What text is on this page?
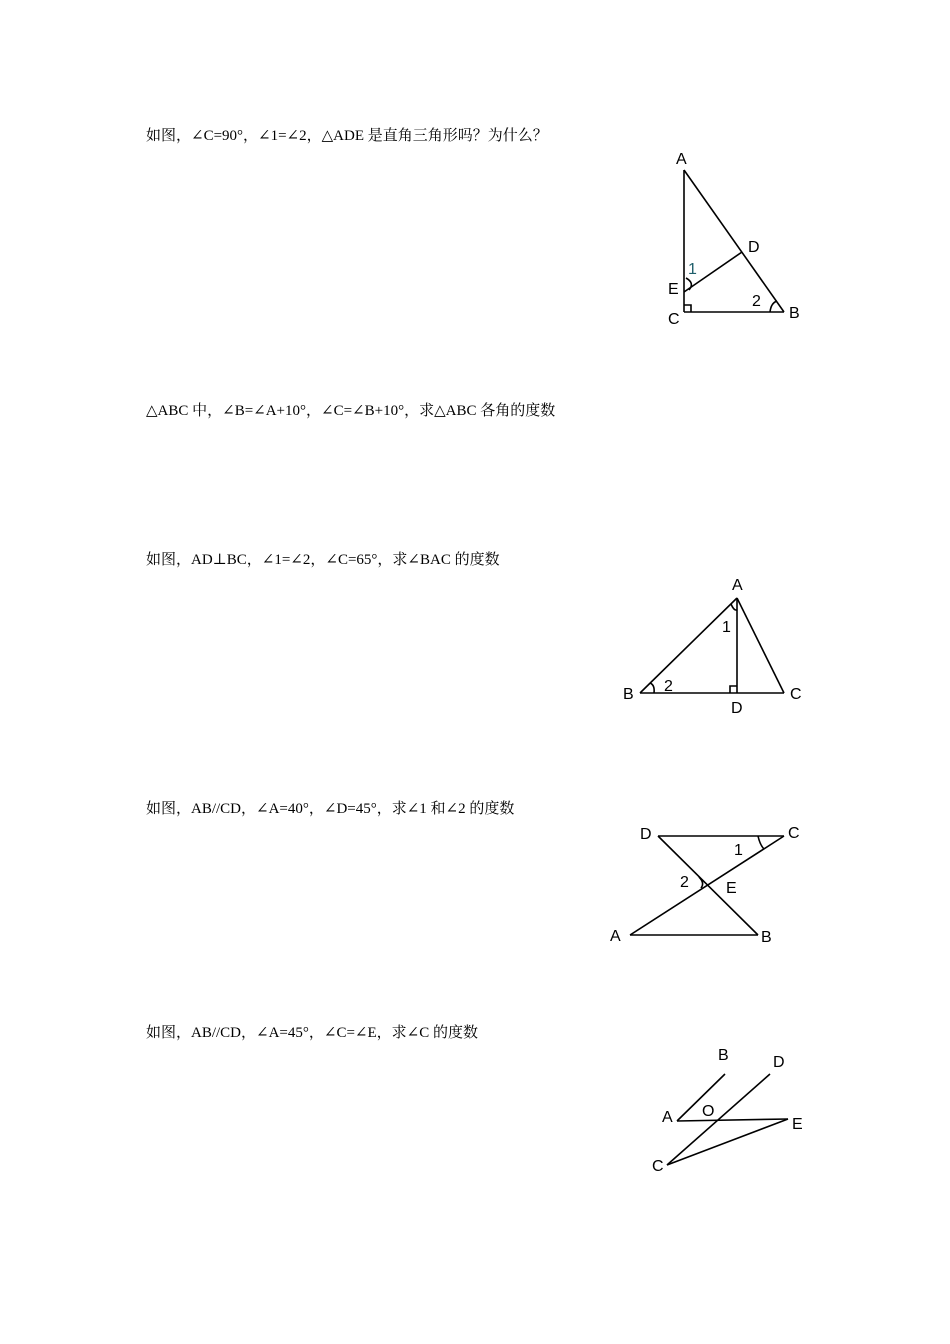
如图，∠C=90°，∠1=∠2，△ADE 是直角三角形吗？为什么？
A
D
E
C	B
1
2
△ABC 中，∠B=∠A+10°，∠C=∠B+10°，求△ABC 各角的度数
如图，AD⊥BC，∠1=∠2，∠C=65°，求∠BAC 的度数
A
B	C
D
1
2
如图，AB//CD，∠A=40°，∠D=45°，求∠1 和∠2 的度数
D	C
A	B
E
1
2
如图，AB//CD，∠A=45°，∠C=∠E，求∠C 的度数
B	D
A O
E
C
